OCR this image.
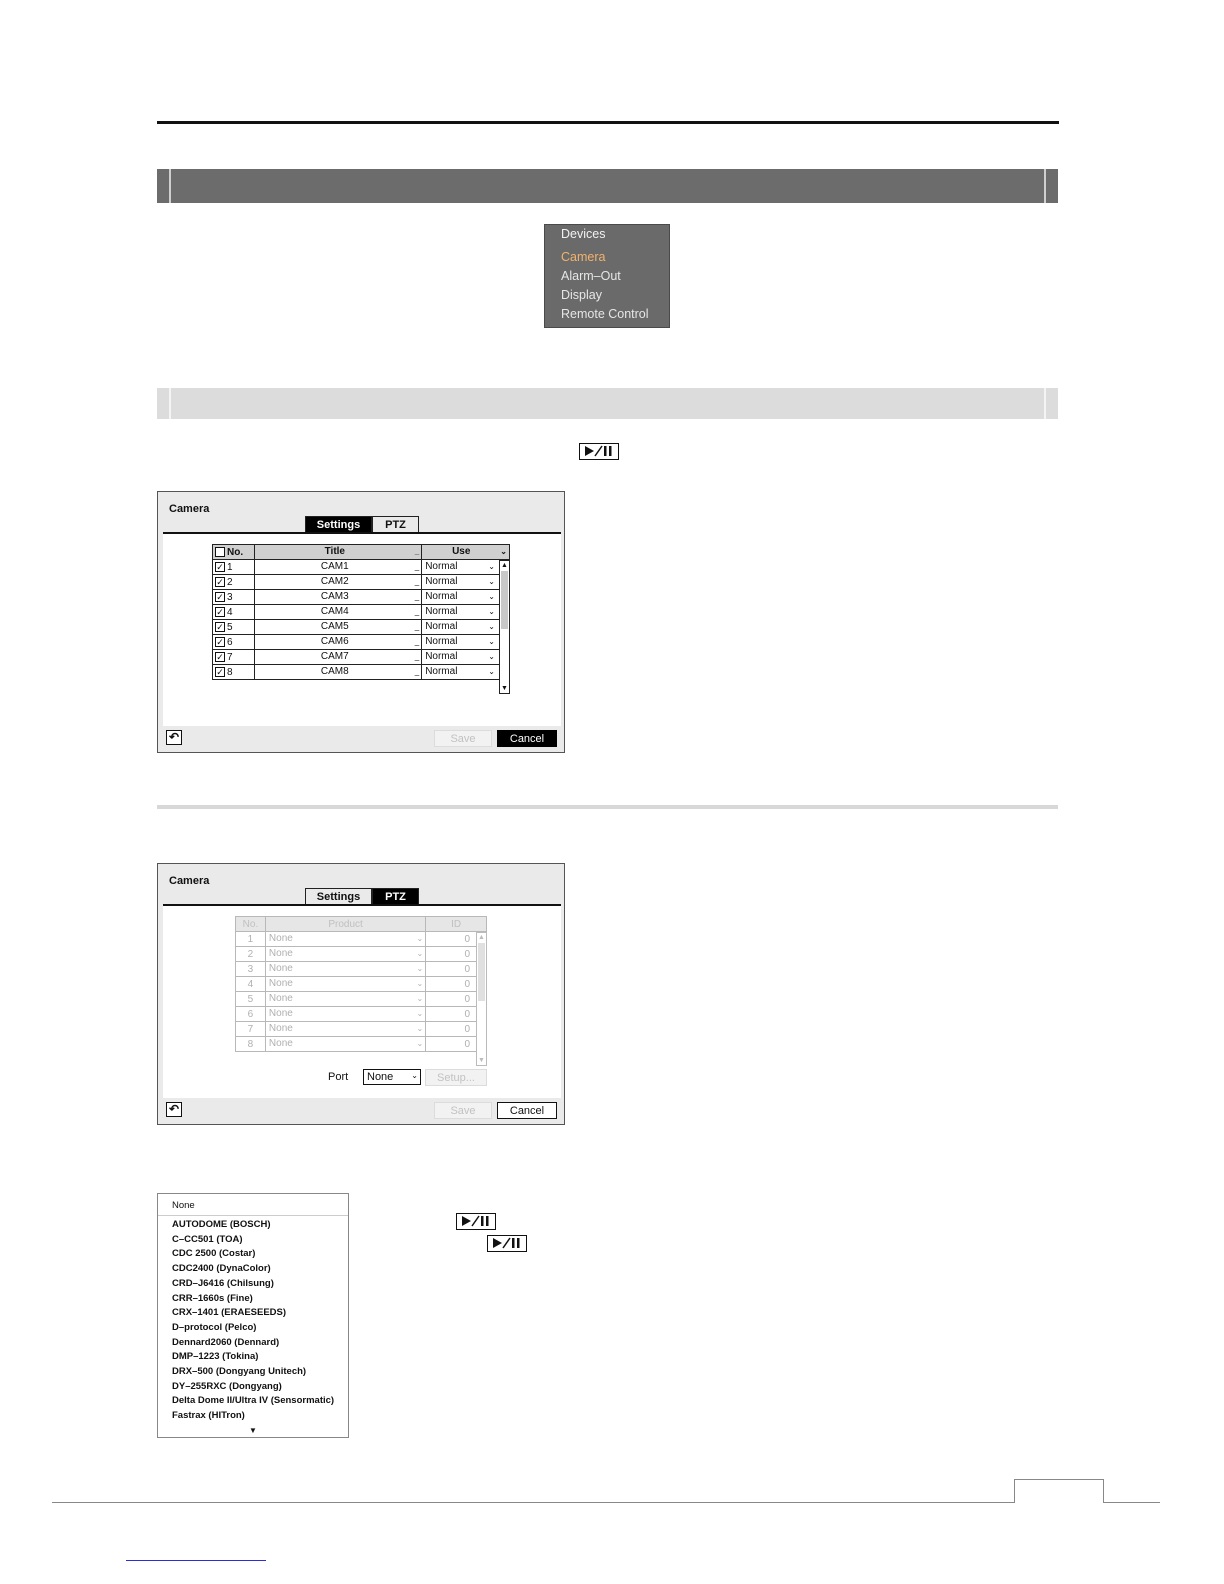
Devices
Camera
Alarm–Out
Display
Remote Control
Camera
Settings	PTZ
No.	Title _	Use ⌄

✓ 1	CAM1 _	Normal ⌄

✓ 2	CAM2 _	Normal ⌄

✓ 3	CAM3 _	Normal ⌄

✓ 4	CAM4 _	Normal ⌄

✓ 5	CAM5 _	Normal ⌄

✓ 6	CAM6 _	Normal ⌄

✓ 7	CAM7 _	Normal ⌄

✓ 8	CAM8 _	Normal ⌄
▲
▼
↶	Save	Cancel
Camera
Settings	PTZ
No.	Product	ID
1	None ⌄	0
2	None ⌄	0
3	None ⌄	0
4	None ⌄	0
5	None ⌄	0
6	None ⌄	0
7	None ⌄	0
8	None ⌄	0
▲
▼
Port	None ⌄	Setup...
↶	Save	Cancel
None
AUTODOME (BOSCH)
C–CC501 (TOA)
CDC 2500 (Costar)
CDC2400 (DynaColor)
CRD–J6416 (Chilsung)
CRR–1660s (Fine)
CRX–1401 (ERAESEEDS)
D–protocol (Pelco)
Dennard2060 (Dennard)
DMP–1223 (Tokina)
DRX–500 (Dongyang Unitech)
DY–255RXC (Dongyang)
Delta Dome II/Ultra IV (Sensormatic)
Fastrax (HITron)
▼
